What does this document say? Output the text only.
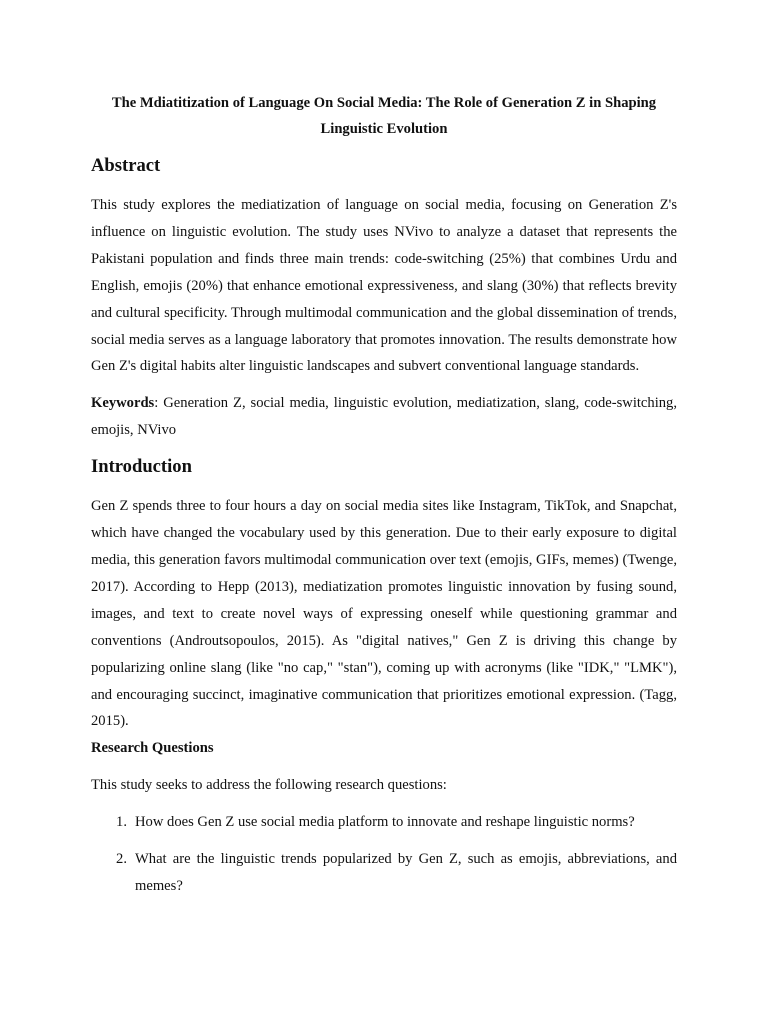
The Mdiatitization of Language On Social Media: The Role of Generation Z in Shaping Linguistic Evolution
Abstract

This study explores the mediatization of language on social media, focusing on Generation Z's influence on linguistic evolution. The study uses NVivo to analyze a dataset that represents the Pakistani population and finds three main trends: code-switching (25%) that combines Urdu and English, emojis (20%) that enhance emotional expressiveness, and slang (30%) that reflects brevity and cultural specificity. Through multimodal communication and the global dissemination of trends, social media serves as a language laboratory that promotes innovation. The results demonstrate how Gen Z's digital habits alter linguistic landscapes and subvert conventional language standards.

Keywords: Generation Z, social media, linguistic evolution, mediatization, slang, code-switching, emojis, NVivo

Introduction

Gen Z spends three to four hours a day on social media sites like Instagram, TikTok, and Snapchat, which have changed the vocabulary used by this generation. Due to their early exposure to digital media, this generation favors multimodal communication over text (emojis, GIFs, memes) (Twenge, 2017). According to Hepp (2013), mediatization promotes linguistic innovation by fusing sound, images, and text to create novel ways of expressing oneself while questioning grammar and conventions (Androutsopoulos, 2015). As "digital natives," Gen Z is driving this change by popularizing online slang (like "no cap," "stan"), coming up with acronyms (like "IDK," "LMK"), and encouraging succinct, imaginative communication that prioritizes emotional expression. (Tagg, 2015).

Research Questions

This study seeks to address the following research questions:

1. How does Gen Z use social media platform to innovate and reshape linguistic norms?
2. What are the linguistic trends popularized by Gen Z, such as emojis, abbreviations, and memes?
